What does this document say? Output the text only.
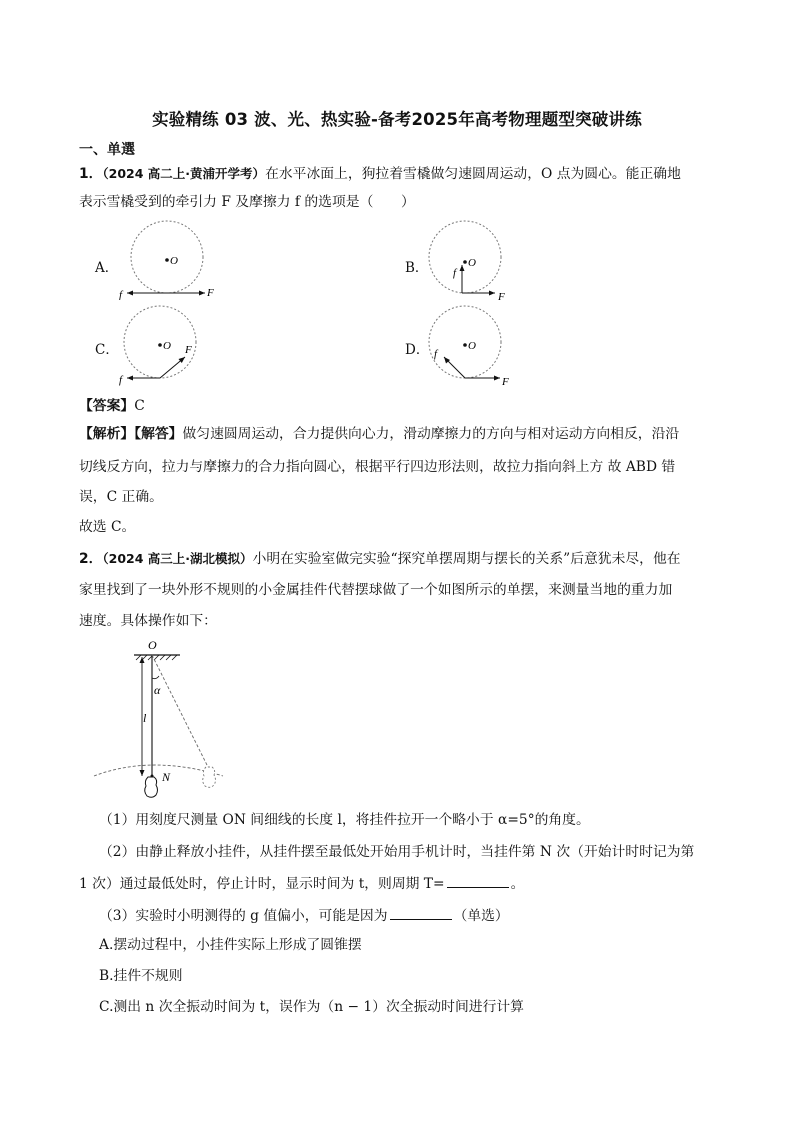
实验精练 03 波、光、热实验-备考2025年高考物理题型突破讲练
一、单選
1．（2024 高二上·黄浦开学考）在水平冰面上，狗拉着雪橇做匀速圆周运动，O 点为圆心。能正确地
表示雪橇受到的牵引力 F 及摩擦力 f 的选项是（　　）
A．	B．
C．	D．
O
f	F
O
f
F
O
f
F	O
f
F
【答案】C
【解析】【解答】做匀速圆周运动，合力提供向心力，滑动摩擦力的方向与相对运动方向相反，沿沿
切线反方向，拉力与摩擦力的合力指向圆心，根据平行四边形法则，故拉力指向斜上方 故 ABD 错
误，C 正确。
故选 C。
2．（2024 高三上·湖北模拟）小明在实验室做完实验“探究单摆周期与摆长的关系”后意犹未尽，他在
家里找到了一块外形不规则的小金属挂件代替摆球做了一个如图所示的单摆，来测量当地的重力加
速度。具体操作如下：
O
α
l
N
（1）用刻度尺测量 ON 间细线的长度 l，将挂件拉开一个略小于 α=5°的角度。
（2）由静止释放小挂件，从挂件摆至最低处开始用手机计时，当挂件第 N 次（开始计时时记为第
1 次）通过最低处时，停止计时，显示时间为 t，则周期 T=	。
（3）实验时小明测得的 g 值偏小，可能是因为	（单选）
A.摆动过程中，小挂件实际上形成了圆锥摆
B.挂件不规则
C.测出 n 次全振动时间为 t，误作为（n − 1）次全振动时间进行计算
